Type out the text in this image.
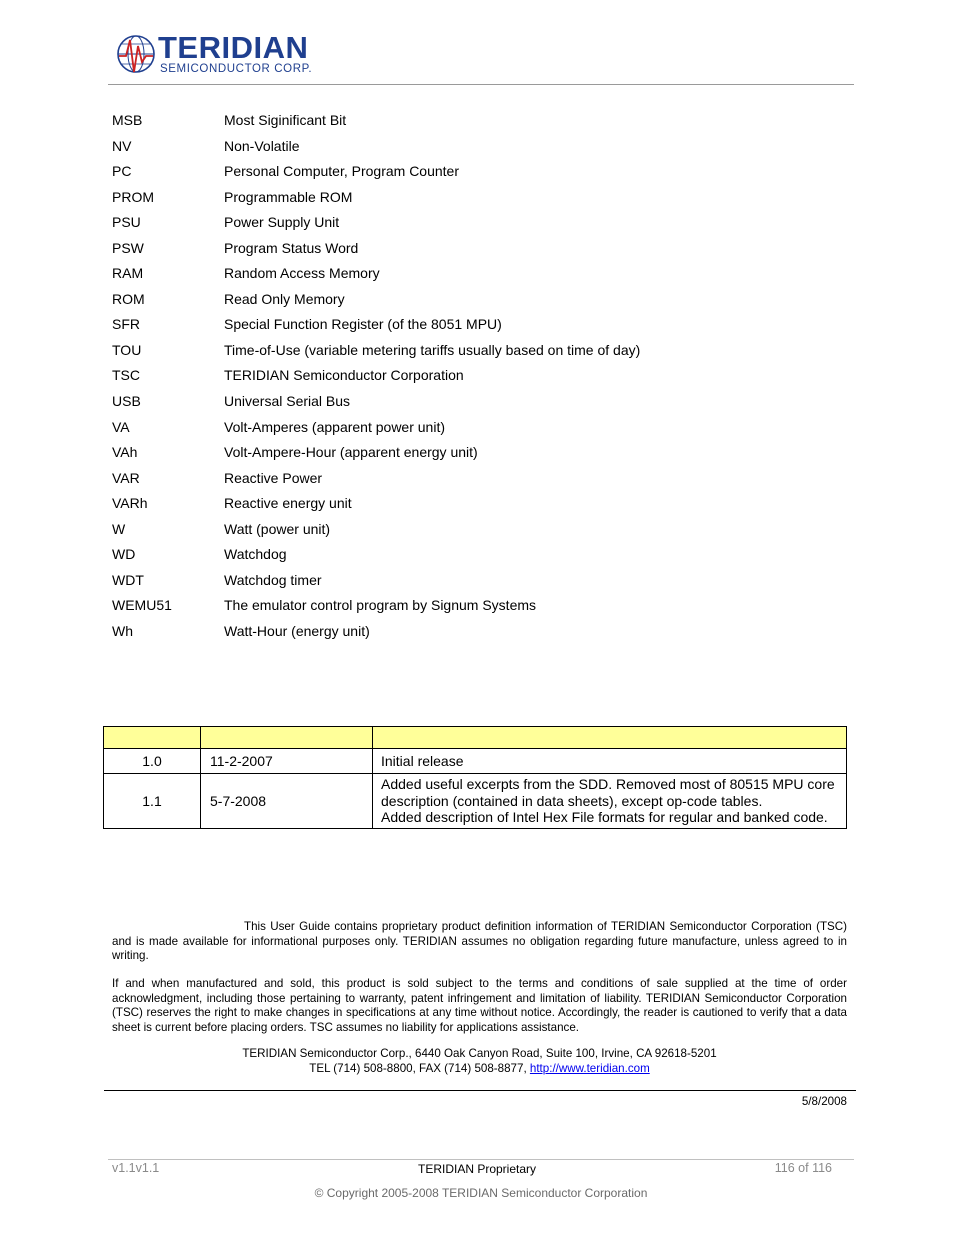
TERIDIAN
SEMICONDUCTOR CORP.
MSB	Most Siginificant Bit
NV	Non-Volatile
PC	Personal Computer, Program Counter
PROM	Programmable ROM
PSU	Power Supply Unit
PSW	Program Status Word
RAM	Random Access Memory
ROM	Read Only Memory
SFR	Special Function Register (of the 8051 MPU)
TOU	Time-of-Use (variable metering tariffs usually based on time of day)
TSC	TERIDIAN Semiconductor Corporation
USB	Universal Serial Bus
VA	Volt-Amperes (apparent power unit)
VAh	Volt-Ampere-Hour (apparent energy unit)
VAR	Reactive Power
VARh	Reactive energy unit
W	Watt (power unit)
WD	Watchdog
WDT	Watchdog timer
WEMU51	The emulator control program by Signum Systems
Wh	Watt-Hour (energy unit)

1.0	11-2-2007	Initial release

1.1	5-7-2008	Added useful excerpts from the SDD. Removed most of 80515 MPU core description (contained in data sheets), except op-code tables.
Added description of Intel Hex File formats for regular and banked code.
This User Guide contains proprietary product definition information of TERIDIAN Semiconductor Corporation (TSC) and is made available for informational purposes only. TERIDIAN assumes no obligation regarding future manufacture, unless agreed to in writing.
If and when manufactured and sold, this product is sold subject to the terms and conditions of sale supplied at the time of order acknowledgment, including those pertaining to warranty, patent infringement and limitation of liability. TERIDIAN Semiconductor Corporation (TSC) reserves the right to make changes in specifications at any time without notice. Accordingly, the reader is cautioned to verify that a data sheet is current before placing orders. TSC assumes no liability for applications assistance.
TERIDIAN Semiconductor Corp., 6440 Oak Canyon Road, Suite 100, Irvine, CA 92618-5201
TEL (714) 508-8800, FAX (714) 508-8877, http://www.teridian.com
5/8/2008
v1.1v1.1	TERIDIAN Proprietary	116 of 116
© Copyright 2005-2008 TERIDIAN Semiconductor Corporation
